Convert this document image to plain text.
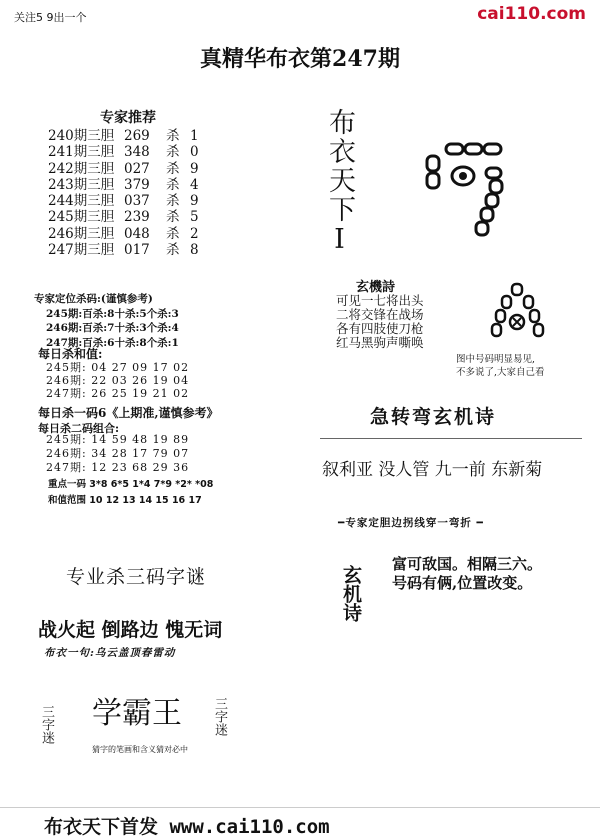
关注5 9出一个	cai110.com
真精华布衣第247期
专家推荐
240期三胆 269	杀 1
241期三胆 348	杀 0
242期三胆 027	杀 9
243期三胆 379	杀 4
244期三胆 037	杀 9
245期三胆 239	杀 5
246期三胆 048	杀 2
247期三胆 017	杀 8
专家定位杀码:(谨慎参考)
245期:百杀:8十杀:5个杀:3
246期:百杀:7十杀:3个杀:4
247期:百杀:6十杀:8个杀:1
每日杀和值:
245期: 04 27 09 17 02
246期: 22 03 26 19 04
247期: 26 25 19 21 02
每日杀一码6《上期准,谨慎参考》
每日杀二码组合:
245期: 14 59 48 19 89
246期: 34 28 17 79 07
247期: 12 23 68 29 36
重点一码 3*8 6*5 1*4 7*9 *2* *08
和值范围 10 12 13 14 15 16 17
专业杀三码字谜
战火起 倒路边 愧无词
布衣一句:乌云盖顶春雷动
三字迷 学霸王
猜字的笔画和含义猜对必中
三字迷
布衣天下首发 www.cai110.com
布衣天下I
玄機詩
可见一七将出头
二将交锋在战场
各有四肢使刀枪
红马黑驹声嘶唤
图中号码明显易见,
不多说了,大家自己看
急转弯玄机诗
叙利亚 没人管 九一前 东新菊
━专家定胆边拐线穿一弯折 ━
玄机诗
富可敌国。相隔三六。
号码有俩,位置改变。
